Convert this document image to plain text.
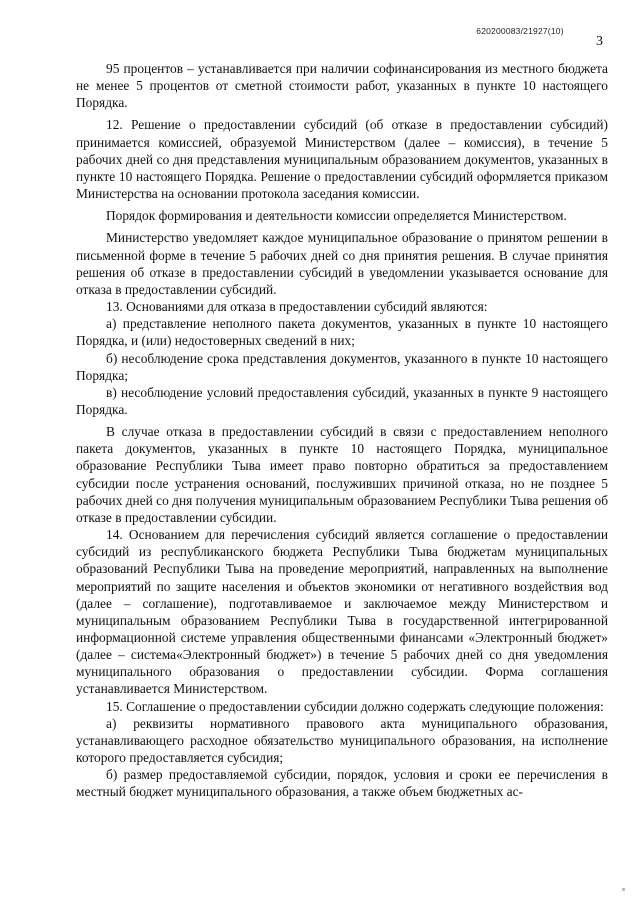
620200083/21927(10)
3

95 процентов – устанавливается при наличии софинансирования из местного бюджета не менее 5 процентов от сметной стоимости работ, указанных в пункте 10 настоящего Порядка.

12. Решение о предоставлении субсидий (об отказе в предоставлении субсидий) принимается комиссией, образуемой Министерством (далее – комиссия), в течение 5 рабочих дней со дня представления муниципальным образованием документов, указанных в пункте 10 настоящего Порядка. Решение о предоставлении субсидий оформляется приказом Министерства на основании протокола заседания комиссии.

Порядок формирования и деятельности комиссии определяется Министерством.

Министерство уведомляет каждое муниципальное образование о принятом решении в письменной форме в течение 5 рабочих дней со дня принятия решения. В случае принятия решения об отказе в предоставлении субсидий в уведомлении указывается основание для отказа в предоставлении субсидий.

13. Основаниями для отказа в предоставлении субсидий являются:

а) представление неполного пакета документов, указанных в пункте 10 настоящего Порядка, и (или) недостоверных сведений в них;

б) несоблюдение срока представления документов, указанного в пункте 10 настоящего Порядка;

в) несоблюдение условий предоставления субсидий, указанных в пункте 9 настоящего Порядка.

В случае отказа в предоставлении субсидий в связи с предоставлением неполного пакета документов, указанных в пункте 10 настоящего Порядка, муниципальное образование Республики Тыва имеет право повторно обратиться за предоставлением субсидии после устранения оснований, послуживших причиной отказа, но не позднее 5 рабочих дней со дня получения муниципальным образованием Республики Тыва решения об отказе в предоставлении субсидии.

14. Основанием для перечисления субсидий является соглашение о предоставлении субсидий из республиканского бюджета Республики Тыва бюджетам муниципальных образований Республики Тыва на проведение мероприятий, направленных на выполнение мероприятий по защите населения и объектов экономики от негативного воздействия вод (далее – соглашение), подготавливаемое и заключаемое между Министерством и муниципальным образованием Республики Тыва в государственной интегрированной информационной системе управления общественными финансами «Электронный бюджет» (далее – система«Электронный бюджет») в течение 5 рабочих дней со дня уведомления муниципального образования о предоставлении субсидии. Форма соглашения устанавливается Министерством.

15. Соглашение о предоставлении субсидии должно содержать следующие положения:

а) реквизиты нормативного правового акта муниципального образования, устанавливающего расходное обязательство муниципального образования, на исполнение которого предоставляется субсидия;

б) размер предоставляемой субсидии, порядок, условия и сроки ее перечисления в местный бюджет муниципального образования, а также объем бюджетных ас-
